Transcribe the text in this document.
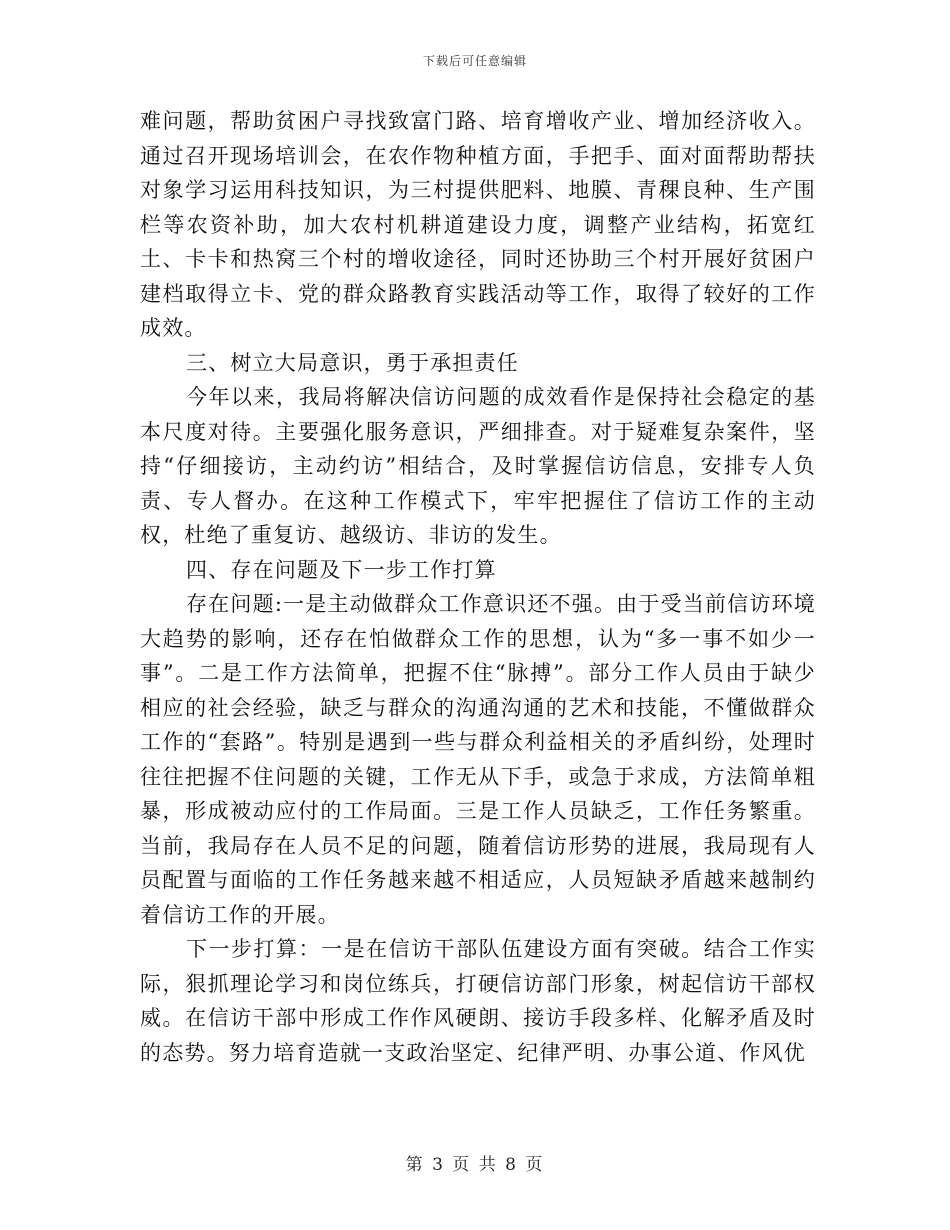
下载后可任意编辑

难问题，帮助贫困户寻找致富门路、培育增收产业、增加经济收入。通过召开现场培训会，在农作物种植方面，手把手、面对面帮助帮扶对象学习运用科技知识，为三村提供肥料、地膜、青稞良种、生产围栏等农资补助，加大农村机耕道建设力度，调整产业结构，拓宽红土、卡卡和热窝三个村的增收途径，同时还协助三个村开展好贫困户建档取得立卡、党的群众路教育实践活动等工作，取得了较好的工作成效。

三、树立大局意识，勇于承担责任

今年以来，我局将解决信访问题的成效看作是保持社会稳定的基本尺度对待。主要强化服务意识，严细排查。对于疑难复杂案件，坚持“仔细接访，主动约访”相结合，及时掌握信访信息，安排专人负责、专人督办。在这种工作模式下，牢牢把握住了信访工作的主动权，杜绝了重复访、越级访、非访的发生。

四、存在问题及下一步工作打算

存在问题:一是主动做群众工作意识还不强。由于受当前信访环境大趋势的影响，还存在怕做群众工作的思想，认为“多一事不如少一事”。二是工作方法简单，把握不住“脉搏”。部分工作人员由于缺少相应的社会经验，缺乏与群众的沟通沟通的艺术和技能，不懂做群众工作的“套路”。特别是遇到一些与群众利益相关的矛盾纠纷，处理时往往把握不住问题的关键，工作无从下手，或急于求成，方法简单粗暴，形成被动应付的工作局面。三是工作人员缺乏，工作任务繁重。当前，我局存在人员不足的问题，随着信访形势的进展，我局现有人员配置与面临的工作任务越来越不相适应，人员短缺矛盾越来越制约着信访工作的开展。

下一步打算：一是在信访干部队伍建设方面有突破。结合工作实际，狠抓理论学习和岗位练兵，打硬信访部门形象，树起信访干部权威。在信访干部中形成工作作风硬朗、接访手段多样、化解矛盾及时的态势。努力培育造就一支政治坚定、纪律严明、办事公道、作风优

第 3 页 共 8 页
